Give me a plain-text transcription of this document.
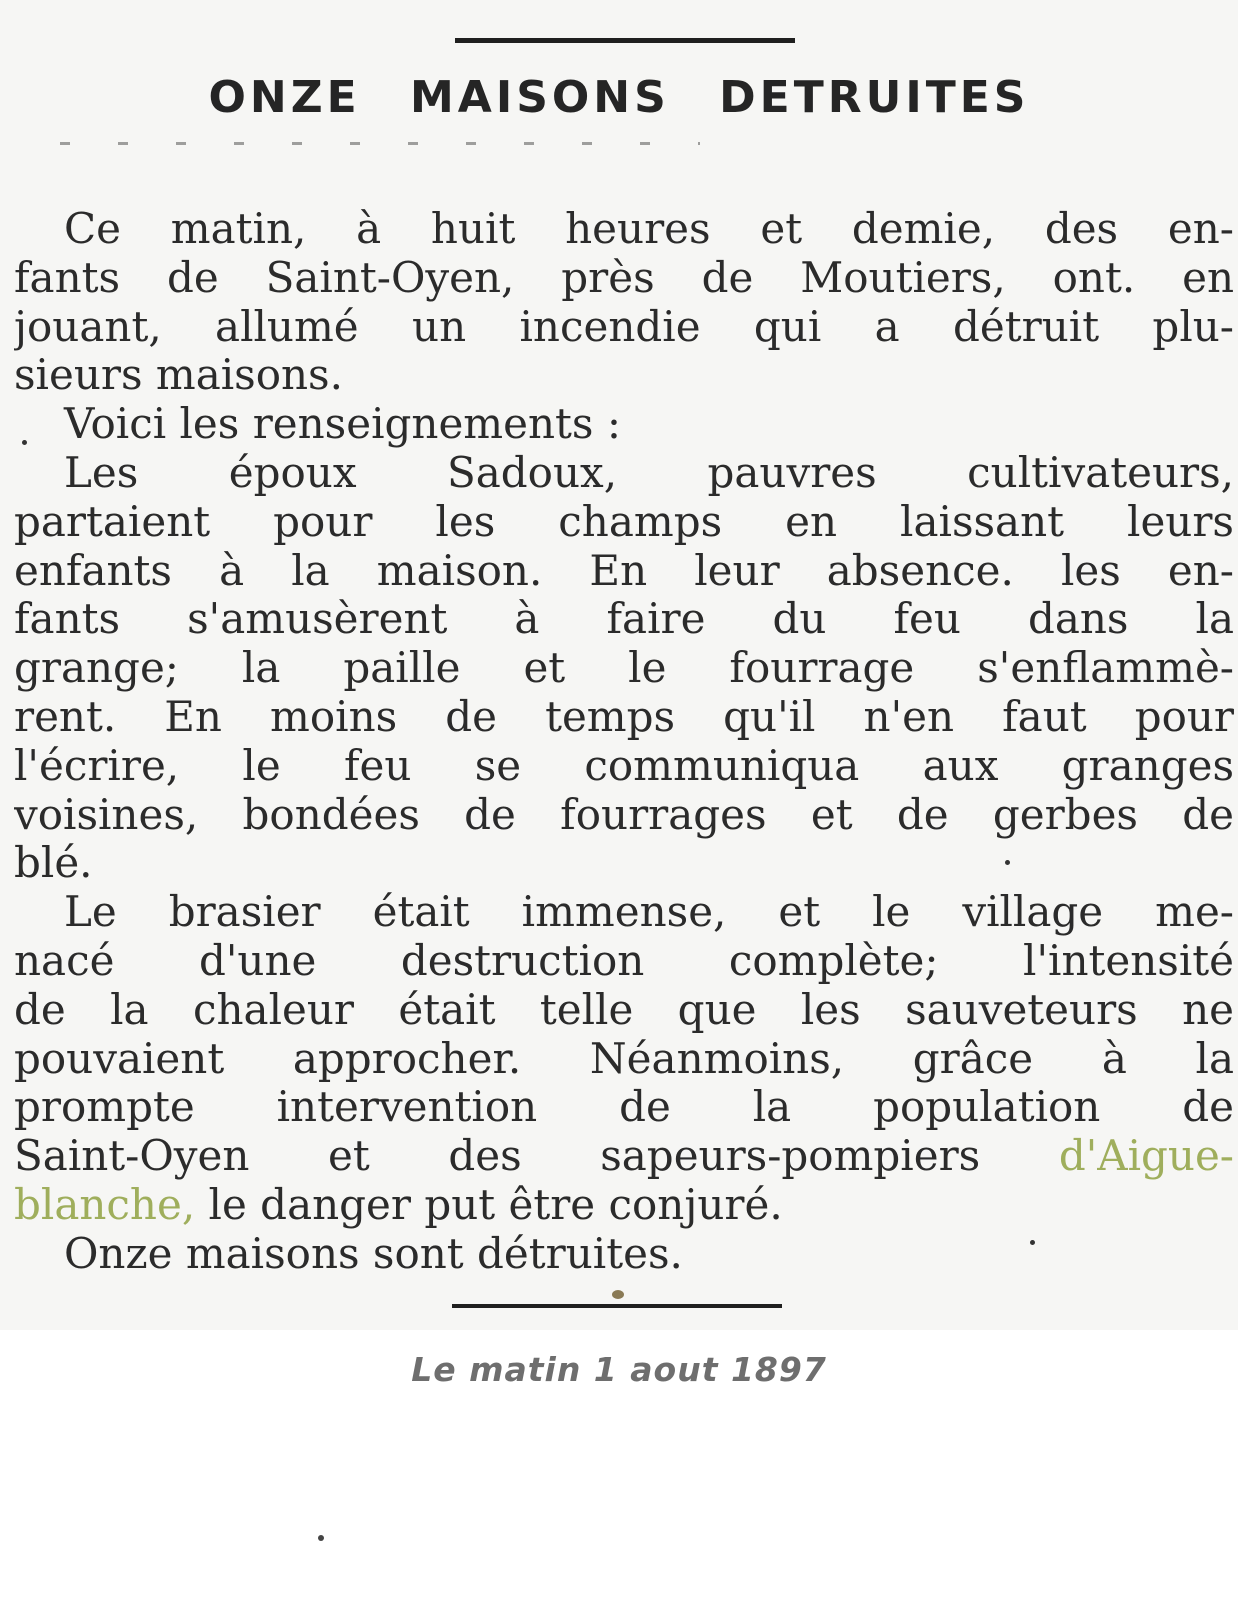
ONZE MAISONS DETRUITES
Ce matin, à huit heures et demie, des en-
fants de Saint-Oyen, près de Moutiers, ont. en
jouant, allumé un incendie qui a détruit plu-
sieurs maisons.
Voici les renseignements :
Les époux Sadoux, pauvres cultivateurs,
partaient pour les champs en laissant leurs
enfants à la maison. En leur absence. les en-
fants s'amusèrent à faire du feu dans la
grange; la paille et le fourrage s'enflammè-
rent. En moins de temps qu'il n'en faut pour
l'écrire, le feu se communiqua aux granges
voisines, bondées de fourrages et de gerbes de
blé.
Le brasier était immense, et le village me-
nacé d'une destruction complète; l'intensité
de la chaleur était telle que les sauveteurs ne
pouvaient approcher. Néanmoins, grâce à la
prompte intervention de la population de
Saint-Oyen et des sapeurs-pompiers d'Aigue-
blanche, le danger put être conjuré.
Onze maisons sont détruites.
Le matin 1 aout 1897
